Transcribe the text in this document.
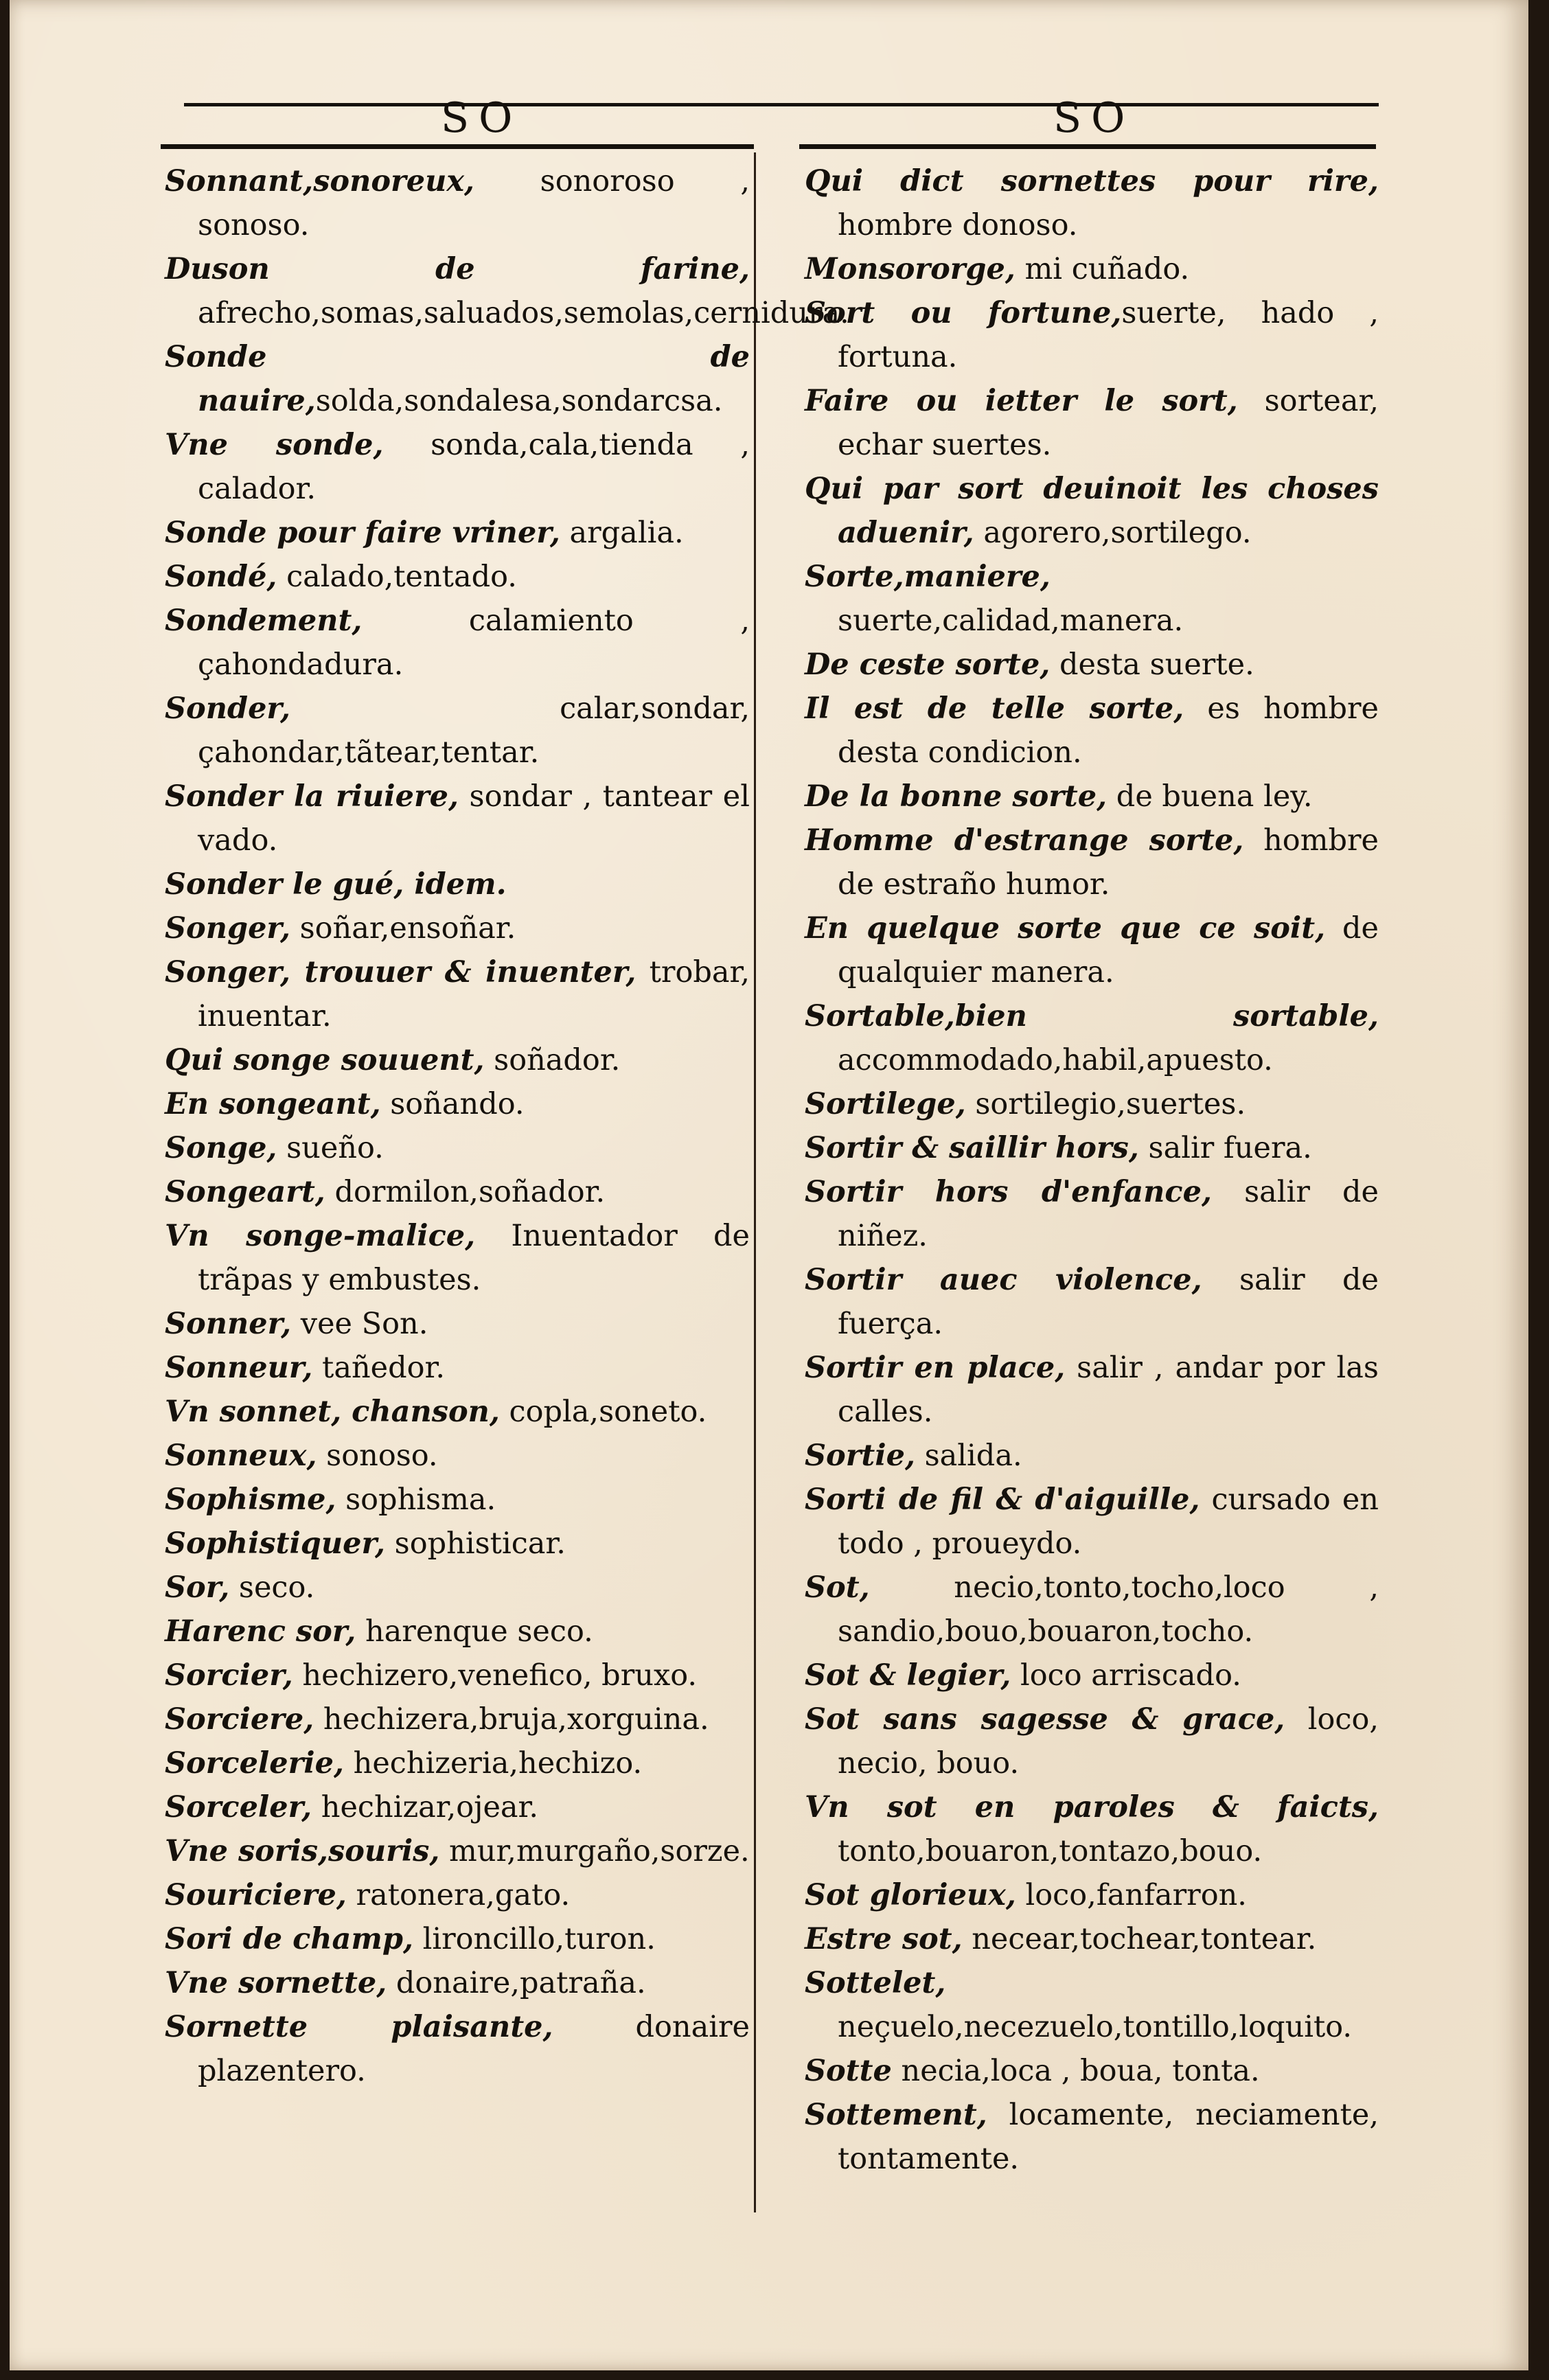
SO	SO
Sonnant,sonoreux, sonoroso , sonoso.
Duson de farine, afrecho,somas,saluados,semolas,cernidura.
Sonde de nauire,solda,sondalesa,sondarcsa.
Vne sonde, sonda,cala,tienda , calador.
Sonde pour faire vriner, argalia.
Sondé, calado,tentado.
Sondement, calamiento , çahondadura.
Sonder, calar,sondar, çahondar,tãtear,tentar.
Sonder la riuiere, sondar , tantear el vado.
Sonder le gué, idem.
Songer, soñar,ensoñar.
Songer, trouuer & inuenter, trobar, inuentar.
Qui songe souuent, soñador.
En songeant, soñando.
Songe, sueño.
Songeart, dormilon,soñador.
Vn songe-malice, Inuentador de trãpas y embustes.
Sonner, vee Son.
Sonneur, tañedor.
Vn sonnet, chanson, copla,soneto.
Sonneux, sonoso.
Sophisme, sophisma.
Sophistiquer, sophisticar.
Sor, seco.
Harenc sor, harenque seco.
Sorcier, hechizero,venefico, bruxo.
Sorciere, hechizera,bruja,xorguina.
Sorcelerie, hechizeria,hechizo.
Sorceler, hechizar,ojear.
Vne soris,souris, mur,murgaño,sorze.
Souriciere, ratonera,gato.
Sori de champ, lironcillo,turon.
Vne sornette, donaire,patraña.
Sornette plaisante, donaire plazentero.
Qui dict sornettes pour rire, hombre donoso.
Monsororge, mi cuñado.
Sort ou fortune,suerte, hado , fortuna.
Faire ou ietter le sort, sortear, echar suertes.
Qui par sort deuinoit les choses aduenir, agorero,sortilego.
Sorte,maniere, suerte,calidad,manera.
De ceste sorte, desta suerte.
Il est de telle sorte, es hombre desta condicion.
De la bonne sorte, de buena ley.
Homme d'estrange sorte, hombre de estraño humor.
En quelque sorte que ce soit, de qualquier manera.
Sortable,bien sortable, accommodado,habil,apuesto.
Sortilege, sortilegio,suertes.
Sortir & saillir hors, salir fuera.
Sortir hors d'enfance, salir de niñez.
Sortir auec violence, salir de fuerça.
Sortir en place, salir , andar por las calles.
Sortie, salida.
Sorti de fil & d'aiguille, cursado en todo , proueydo.
Sot, necio,tonto,tocho,loco , sandio,bouo,bouaron,tocho.
Sot & legier, loco arriscado.
Sot sans sagesse & grace, loco, necio, bouo.
Vn sot en paroles & faicts, tonto,bouaron,tontazo,bouo.
Sot glorieux, loco,fanfarron.
Estre sot, necear,tochear,tontear.
Sottelet, neçuelo,necezuelo,tontillo,loquito.
Sotte necia,loca , boua, tonta.
Sottement, locamente, neciamente, tontamente.
